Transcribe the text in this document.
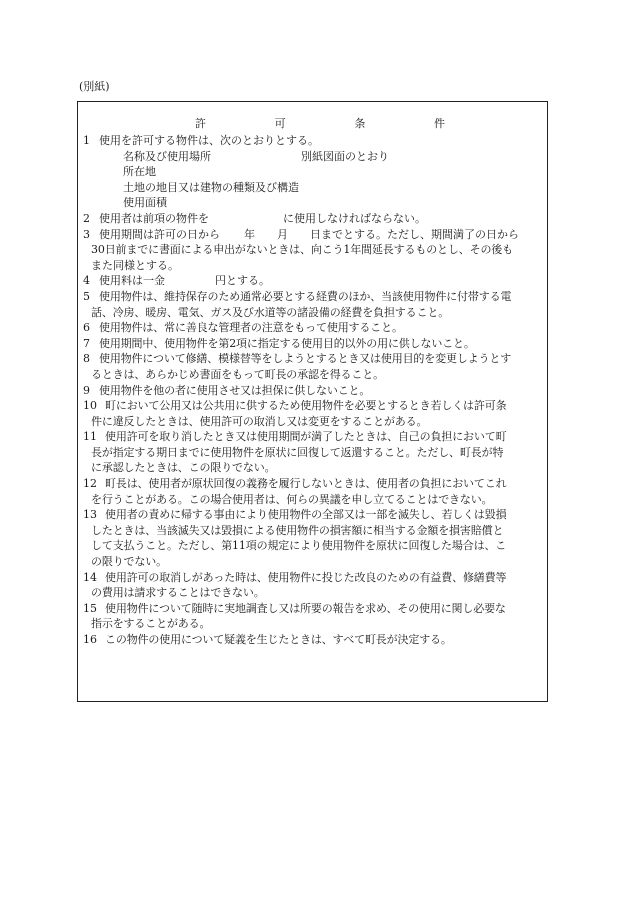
(別紙)
許	可	条	件
1 使用を許可する物件は、次のとおりとする。
名称及び使用場所	別紙図面のとおり
所在地
土地の地目又は建物の種類及び構造
使用面積
2 使用者は前項の物件を	に使用しなければならない。
3 使用期間は許可の日から 年 月 日までとする。ただし、期間満了の日から
30日前までに書面による申出がないときは、向こう1年間延長するものとし、その後も
また同様とする。
4 使用料は一金	円とする。
5 使用物件は、維持保存のため通常必要とする経費のほか、当該使用物件に付帯する電
話、冷房、暖房、電気、ガス及び水道等の諸設備の経費を負担すること。
6 使用物件は、常に善良な管理者の注意をもって使用すること。
7 使用期間中、使用物件を第2項に指定する使用目的以外の用に供しないこと。
8 使用物件について修繕、模様替等をしようとするとき又は使用目的を変更しようとす
るときは、あらかじめ書面をもって町長の承認を得ること。
9 使用物件を他の者に使用させ又は担保に供しないこと。
10 町において公用又は公共用に供するため使用物件を必要とするとき若しくは許可条
件に違反したときは、使用許可の取消し又は変更をすることがある。
11 使用許可を取り消したとき又は使用期間が満了したときは、自己の負担において町
長が指定する期日までに使用物件を原状に回復して返還すること。ただし、町長が特
に承認したときは、この限りでない。
12 町長は、使用者が原状回復の義務を履行しないときは、使用者の負担においてこれ
を行うことがある。この場合使用者は、何らの異議を申し立てることはできない。
13 使用者の責めに帰する事由により使用物件の全部又は一部を滅失し、若しくは毀損
したときは、当該滅失又は毀損による使用物件の損害額に相当する金額を損害賠償と
して支払うこと。ただし、第11項の規定により使用物件を原状に回復した場合は、こ
の限りでない。
14 使用許可の取消しがあった時は、使用物件に投じた改良のための有益費、修繕費等
の費用は請求することはできない。
15 使用物件について随時に実地調査し又は所要の報告を求め、その使用に関し必要な
指示をすることがある。
16 この物件の使用について疑義を生じたときは、すべて町長が決定する。
